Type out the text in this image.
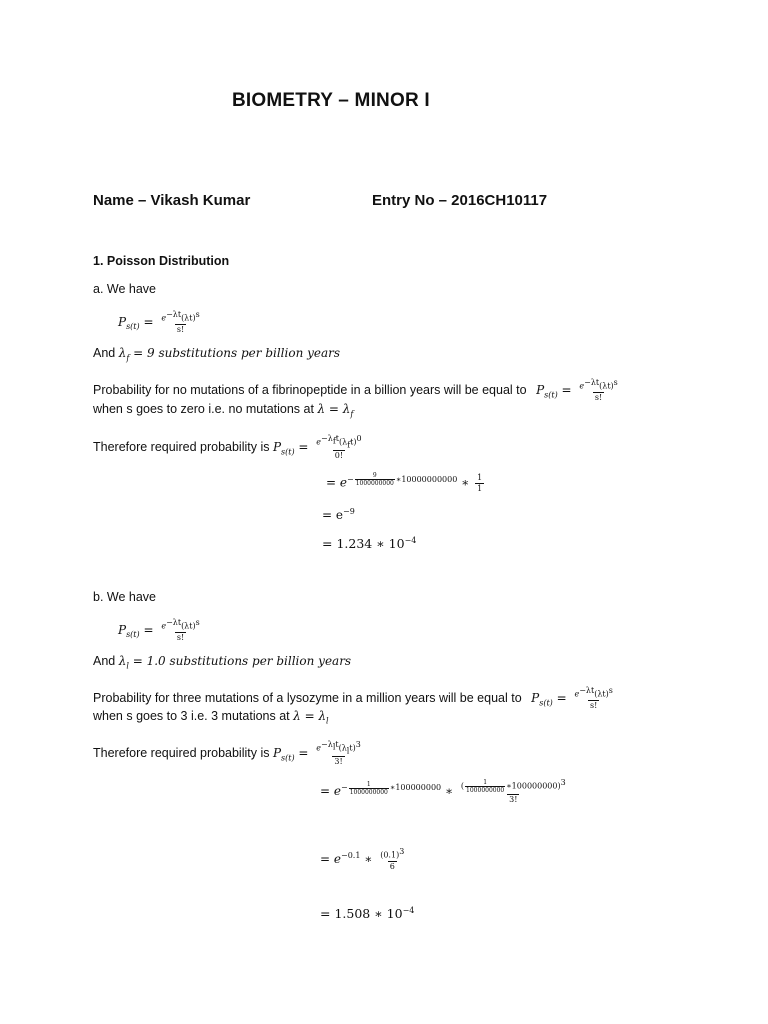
BIOMETRY – MINOR I
Name – Vikash Kumar	Entry No – 2016CH10117
1. Poisson Distribution
a. We have
$P_{s(t)} = \frac{e^{-\lambda t}(\lambda t)^s}{s!}$
And $\lambda_f = 9$ substitutions per billion years
Probability for no mutations of a fibrinopeptide in a billion years will be equal to $P_{s(t)} = \frac{e^{-\lambda t}(\lambda t)^s}{s!}$
when s goes to zero i.e. no mutations at $\lambda = \lambda_f$
Therefore required probability is $P_{s(t)} = \frac{e^{-\lambda_ft}(\lambda_ft)^0}{0!}$
= $e^{- \frac{9}{1000000000} ∗10000000000}$ ∗ $\frac{1}{1}$
= $e^{-9}$
= 1.234 ∗ $10^{-4}$
b. We have
$P_{s(t)} = \frac{e^{-\lambda t}(\lambda t)^s}{s!}$
And $\lambda_l = 1.0$ substitutions per billion years
Probability for three mutations of a lysozyme in a million years will be equal to $P_{s(t)} = \frac{e^{-\lambda t}(\lambda t)^s}{s!}$
when s goes to 3 i.e. 3 mutations at $\lambda = \lambda_l$
Therefore required probability is $P_{s(t)} = \frac{e^{-\lambda_lt}(\lambda_lt)^3}{3!}$
= $e^{- \frac{1}{1000000000} ∗100000000}$ ∗ $\frac{( \frac{1}{1000000000} ∗100000000)^3}{3!}$
= $e^{-0.1}$ ∗ $\frac{(0.1)^3}{6}$
= 1.508 ∗ $10^{-4}$
